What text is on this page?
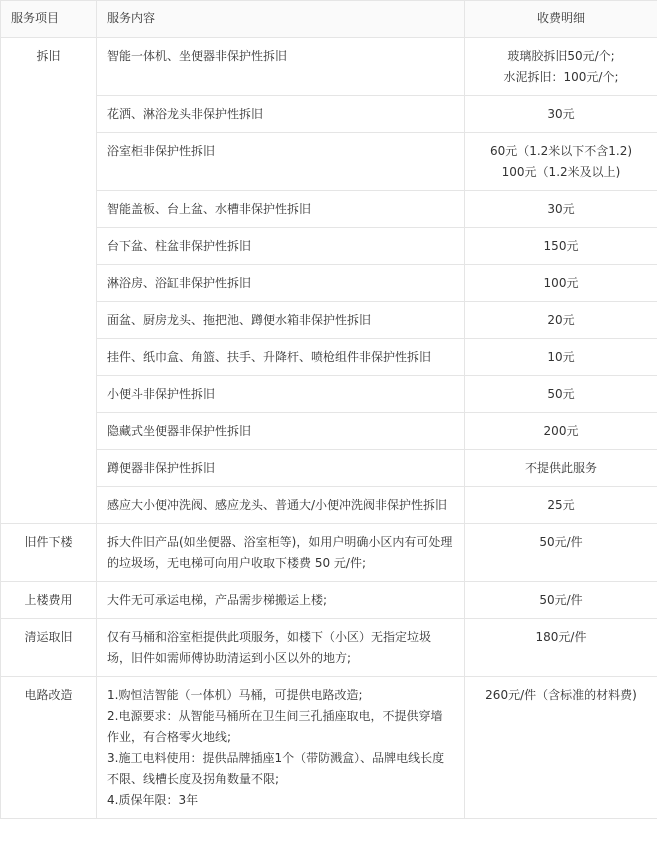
服务项目	服务内容	收费明细
拆旧	智能一体机、坐便器非保护性拆旧	玻璃胶拆旧50元/个;
水泥拆旧：100元/个;

	花洒、淋浴龙头非保护性拆旧	30元
	浴室柜非保护性拆旧	60元（1.2米以下不含1.2)
100元（1.2米及以上)

	智能盖板、台上盆、水槽非保护性拆旧	30元
	台下盆、柱盆非保护性拆旧	150元
	淋浴房、浴缸非保护性拆旧	100元
	面盆、厨房龙头、拖把池、蹲便水箱非保护性拆旧	20元
	挂件、纸巾盒、角篮、扶手、升降杆、喷枪组件非保护性拆旧	10元
	小便斗非保护性拆旧	50元
	隐藏式坐便器非保护性拆旧	200元
	蹲便器非保护性拆旧	不提供此服务
	感应大小便冲洗阀、感应龙头、普通大/小便冲洗阀非保护性拆旧	25元
旧件下楼	拆大件旧产品(如坐便器、浴室柜等)，如用户明确小区内有可处理的垃圾场，无电梯可向用户收取下楼费 50 元/件;	50元/件
上楼费用	大件无可承运电梯，产品需步梯搬运上楼;	50元/件
清运取旧	仅有马桶和浴室柜提供此项服务，如楼下（小区）无指定垃圾场，旧件如需师傅协助清运到小区以外的地方;	180元/件
电路改造	1.购恒洁智能（一体机）马桶，可提供电路改造;
2.电源要求：从智能马桶所在卫生间三孔插座取电，不提供穿墙作业，有合格零火地线;
3.施工电料使用：提供品牌插座1个（带防溅盒）、品牌电线长度不限、线槽长度及拐角数量不限;
4.质保年限：3年	260元/件（含标准的材料费)
